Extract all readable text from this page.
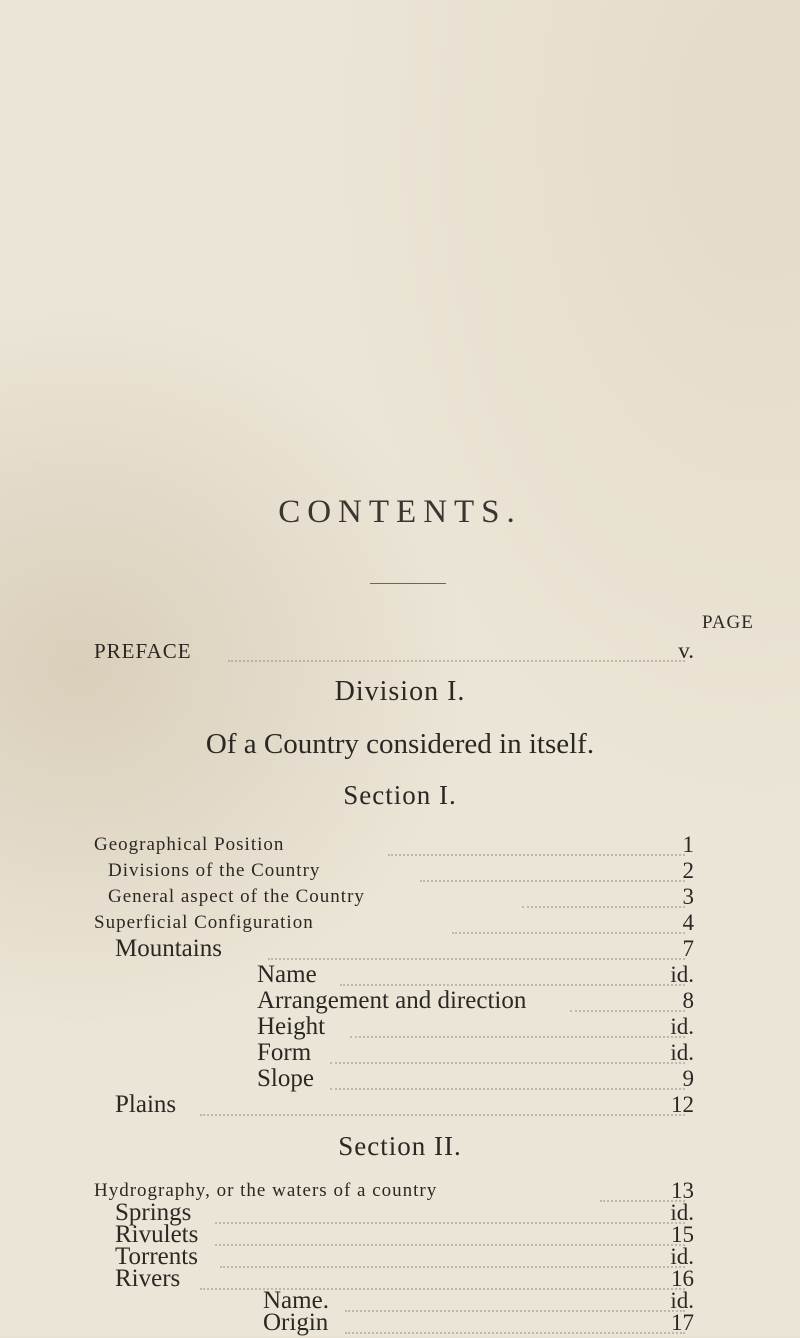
CONTENTS.
PAGE
PREFACE	v.
Division I.
Of a Country considered in itself.
Section I.
Geographical Position	1
Divisions of the Country	2
General aspect of the Country	3
Superficial Configuration	4
Mountains	7
Name	id.
Arrangement and direction	8
Height	id.
Form	id.
Slope	9
Plains	12
Section II.
Hydrography, or the waters of a country	13
Springs	id.
Rivulets	15
Torrents	id.
Rivers	16
Name.	id.
Origin	17
